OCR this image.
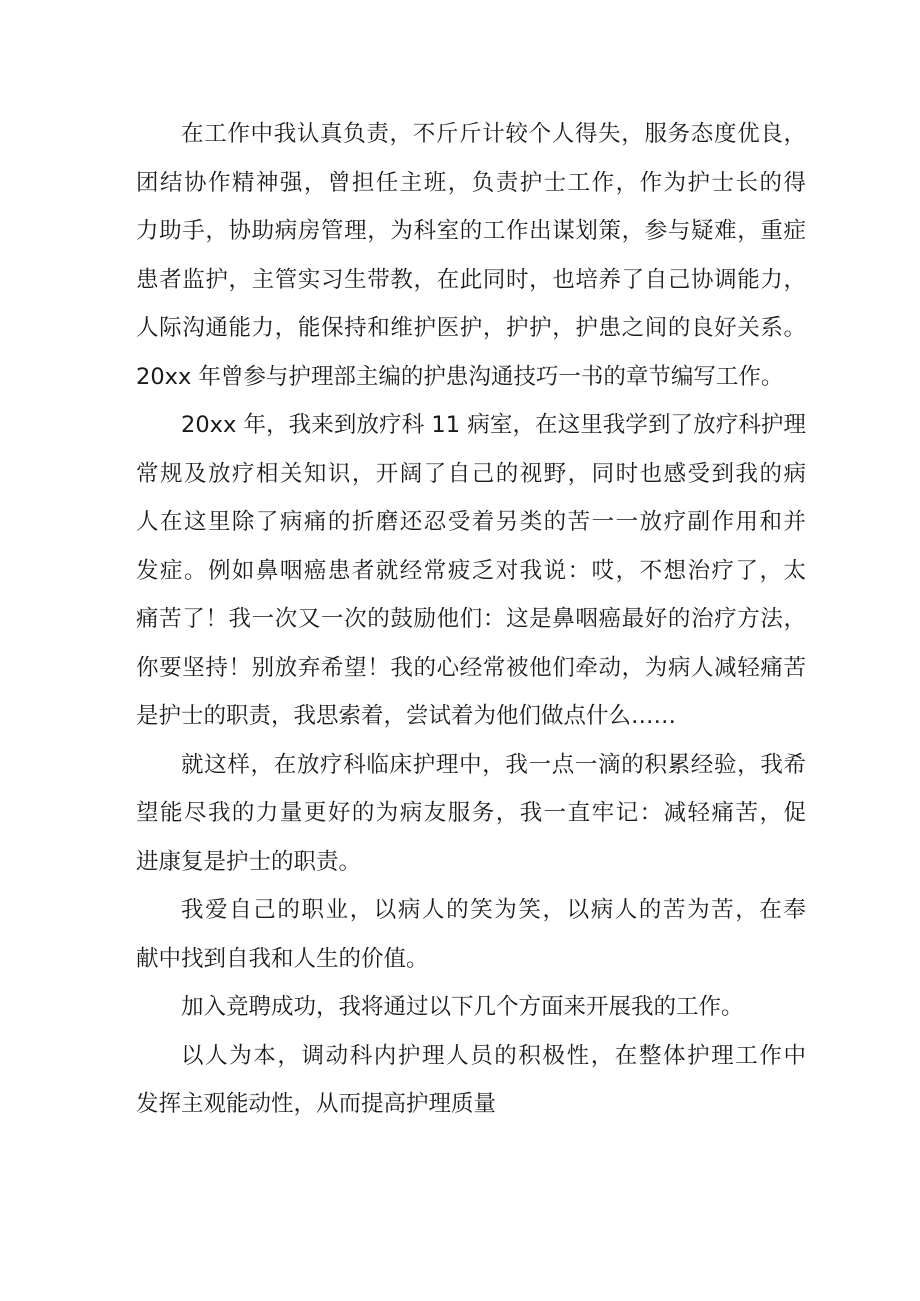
在工作中我认真负责，不斤斤计较个人得失，服务态度优良，
团结协作精神强，曾担任主班，负责护士工作，作为护士长的得
力助手，协助病房管理，为科室的工作出谋划策，参与疑难，重症
患者监护，主管实习生带教，在此同时，也培养了自己协调能力，
人际沟通能力，能保持和维护医护，护护，护患之间的良好关系。
20xx 年曾参与护理部主编的护患沟通技巧一书的章节编写工作。
20xx 年，我来到放疗科 11 病室，在这里我学到了放疗科护理
常规及放疗相关知识，开阔了自己的视野，同时也感受到我的病
人在这里除了病痛的折磨还忍受着另类的苦一一放疗副作用和并
发症。例如鼻咽癌患者就经常疲乏对我说：哎，不想治疗了，太
痛苦了！我一次又一次的鼓励他们：这是鼻咽癌最好的治疗方法，
你要坚持！别放弃希望！我的心经常被他们牵动，为病人减轻痛苦
是护士的职责，我思索着，尝试着为他们做点什么……
就这样，在放疗科临床护理中，我一点一滴的积累经验，我希
望能尽我的力量更好的为病友服务，我一直牢记：减轻痛苦，促
进康复是护士的职责。
我爱自己的职业，以病人的笑为笑，以病人的苦为苦，在奉
献中找到自我和人生的价值。
加入竞聘成功，我将通过以下几个方面来开展我的工作。
以人为本，调动科内护理人员的积极性，在整体护理工作中
发挥主观能动性，从而提高护理质量
